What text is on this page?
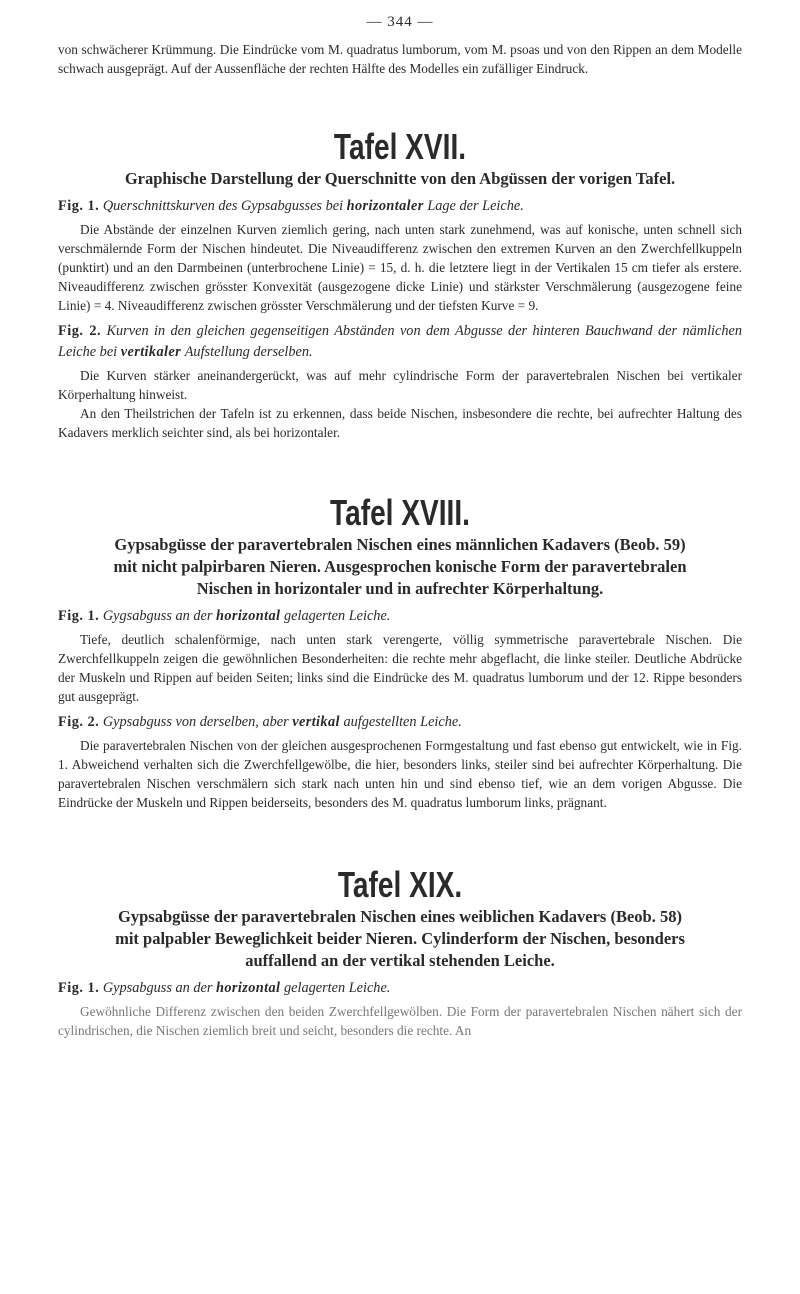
— 344 —

von schwächerer Krümmung. Die Eindrücke vom M. quadratus lumborum, vom M. psoas und von den Rippen an dem Modelle schwach ausgeprägt. Auf der Aussenfläche der rechten Hälfte des Modelles ein zufälliger Eindruck.

Tafel XVII.

Graphische Darstellung der Querschnitte von den Abgüssen der vorigen Tafel.

Fig. 1. Querschnittskurven des Gypsabgusses bei horizontaler Lage der Leiche.

Die Abstände der einzelnen Kurven ziemlich gering, nach unten stark zunehmend, was auf konische, unten schnell sich verschmälernde Form der Nischen hindeutet. Die Niveaudifferenz zwischen den extremen Kurven an den Zwerchfellkuppeln (punktirt) und an den Darmbeinen (unterbrochene Linie) = 15, d. h. die letztere liegt in der Vertikalen 15 cm tiefer als erstere. Niveaudifferenz zwischen grösster Konvexität (ausgezogene dicke Linie) und stärkster Verschmälerung (ausgezogene feine Linie) = 4. Niveaudifferenz zwischen grösster Verschmälerung und der tiefsten Kurve = 9.

Fig. 2. Kurven in den gleichen gegenseitigen Abständen von dem Abgusse der hinteren Bauchwand der nämlichen Leiche bei vertikaler Aufstellung derselben.

Die Kurven stärker aneinandergerückt, was auf mehr cylindrische Form der paravertebralen Nischen bei vertikaler Körperhaltung hinweist.

An den Theilstrichen der Tafeln ist zu erkennen, dass beide Nischen, insbesondere die rechte, bei aufrechter Haltung des Kadavers merklich seichter sind, als bei horizontaler.

Tafel XVIII.

Gypsabgüsse der paravertebralen Nischen eines männlichen Kadavers (Beob. 59)

mit nicht palpirbaren Nieren. Ausgesprochen konische Form der paravertebralen

Nischen in horizontaler und in aufrechter Körperhaltung.

Fig. 1. Gygsabguss an der horizontal gelagerten Leiche.

Tiefe, deutlich schalenförmige, nach unten stark verengerte, völlig symmetrische paravertebrale Nischen. Die Zwerchfellkuppeln zeigen die gewöhnlichen Besonderheiten: die rechte mehr abgeflacht, die linke steiler. Deutliche Abdrücke der Muskeln und Rippen auf beiden Seiten; links sind die Eindrücke des M. quadratus lumborum und der 12. Rippe besonders gut ausgeprägt.

Fig. 2. Gypsabguss von derselben, aber vertikal aufgestellten Leiche.

Die paravertebralen Nischen von der gleichen ausgesprochenen Formgestaltung und fast ebenso gut entwickelt, wie in Fig. 1. Abweichend verhalten sich die Zwerchfellgewölbe, die hier, besonders links, steiler sind bei aufrechter Körperhaltung. Die paravertebralen Nischen verschmälern sich stark nach unten hin und sind ebenso tief, wie an dem vorigen Abgusse. Die Eindrücke der Muskeln und Rippen beiderseits, besonders des M. quadratus lumborum links, prägnant.

Tafel XIX.

Gypsabgüsse der paravertebralen Nischen eines weiblichen Kadavers (Beob. 58)

mit palpabler Beweglichkeit beider Nieren. Cylinderform der Nischen, besonders

auffallend an der vertikal stehenden Leiche.

Fig. 1. Gypsabguss an der horizontal gelagerten Leiche.

Gewöhnliche Differenz zwischen den beiden Zwerchfellgewölben. Die Form der paravertebralen Nischen nähert sich der cylindrischen, die Nischen ziemlich breit und seicht, besonders die rechte. An
